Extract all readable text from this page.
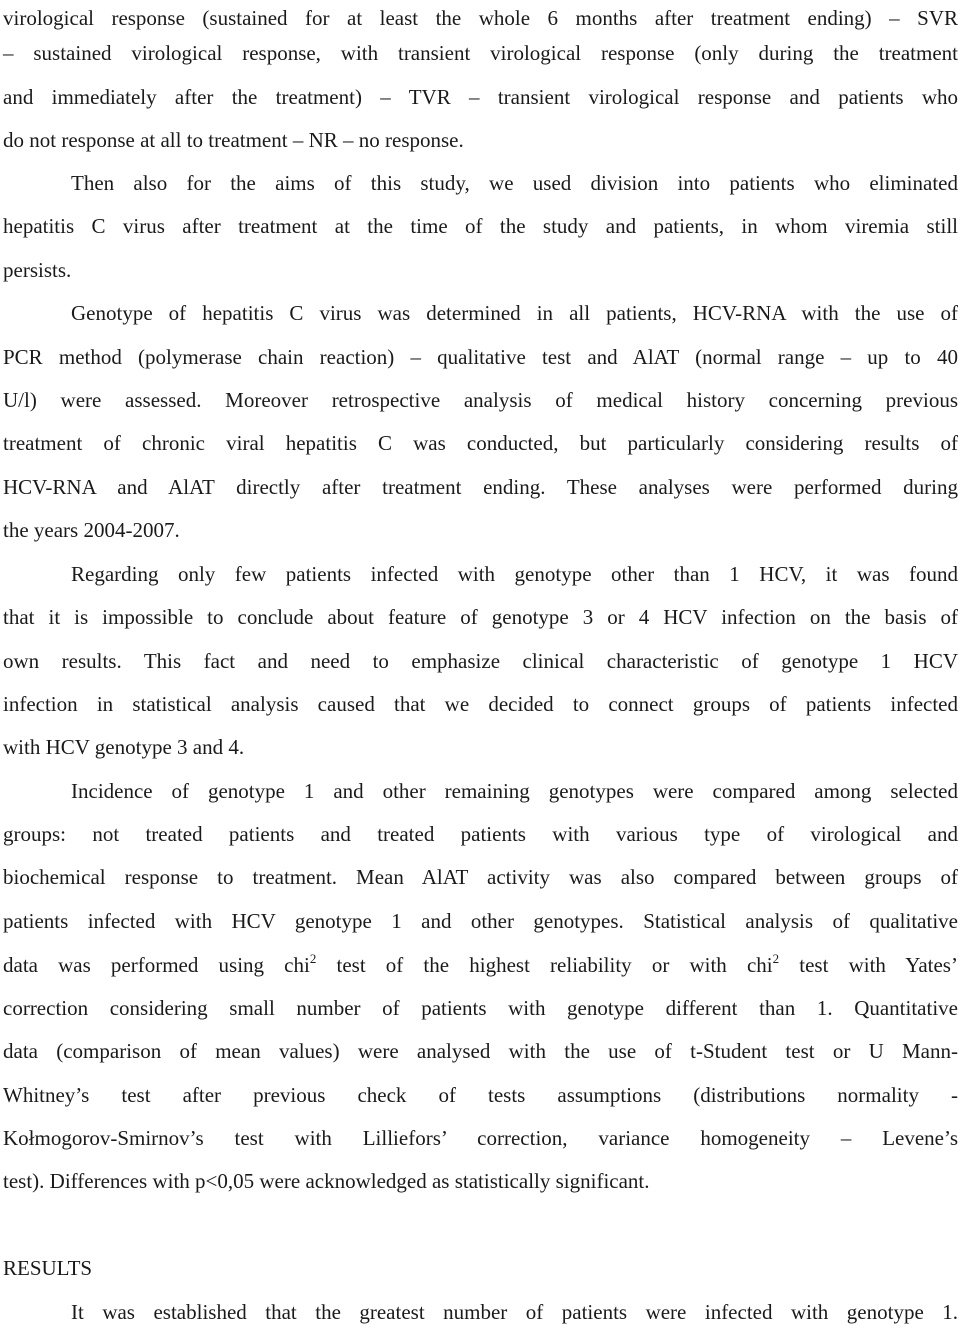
virological response (sustained for at least the whole 6 months after treatment ending) – SVR
– sustained virological response, with transient virological response (only during the treatment
and immediately after the treatment) – TVR – transient virological response and patients who
do not response at all to treatment – NR – no response.
Then also for the aims of this study, we used division into patients who eliminated
hepatitis C virus after treatment at the time of the study and patients, in whom viremia still
persists.
Genotype of hepatitis C virus was determined in all patients, HCV-RNA with the use of
PCR method (polymerase chain reaction) – qualitative test and AlAT (normal range – up to 40
U/l) were assessed. Moreover retrospective analysis of medical history concerning previous
treatment of chronic viral hepatitis C was conducted, but particularly considering results of
HCV-RNA and AlAT directly after treatment ending. These analyses were performed during
the years 2004-2007.
Regarding only few patients infected with genotype other than 1 HCV, it was found
that it is impossible to conclude about feature of genotype 3 or 4 HCV infection on the basis of
own results. This fact and need to emphasize clinical characteristic of genotype 1 HCV
infection in statistical analysis caused that we decided to connect groups of patients infected
with HCV genotype 3 and 4.
Incidence of genotype 1 and other remaining genotypes were compared among selected
groups: not treated patients and treated patients with various type of virological and
biochemical response to treatment. Mean AlAT activity was also compared between groups of
patients infected with HCV genotype 1 and other genotypes. Statistical analysis of qualitative
data was performed using chi$^2$ test of the highest reliability or with chi$^2$ test with Yates’
correction considering small number of patients with genotype different than 1. Quantitative
data (comparison of mean values) were analysed with the use of t-Student test or U Mann-
Whitney’s test after previous check of tests assumptions (distributions normality -
Kołmogorov-Smirnov’s test with Lilliefors’ correction, variance homogeneity – Levene’s
test). Differences with p<0,05 were acknowledged as statistically significant.
RESULTS
It was established that the greatest number of patients were infected with genotype 1.
